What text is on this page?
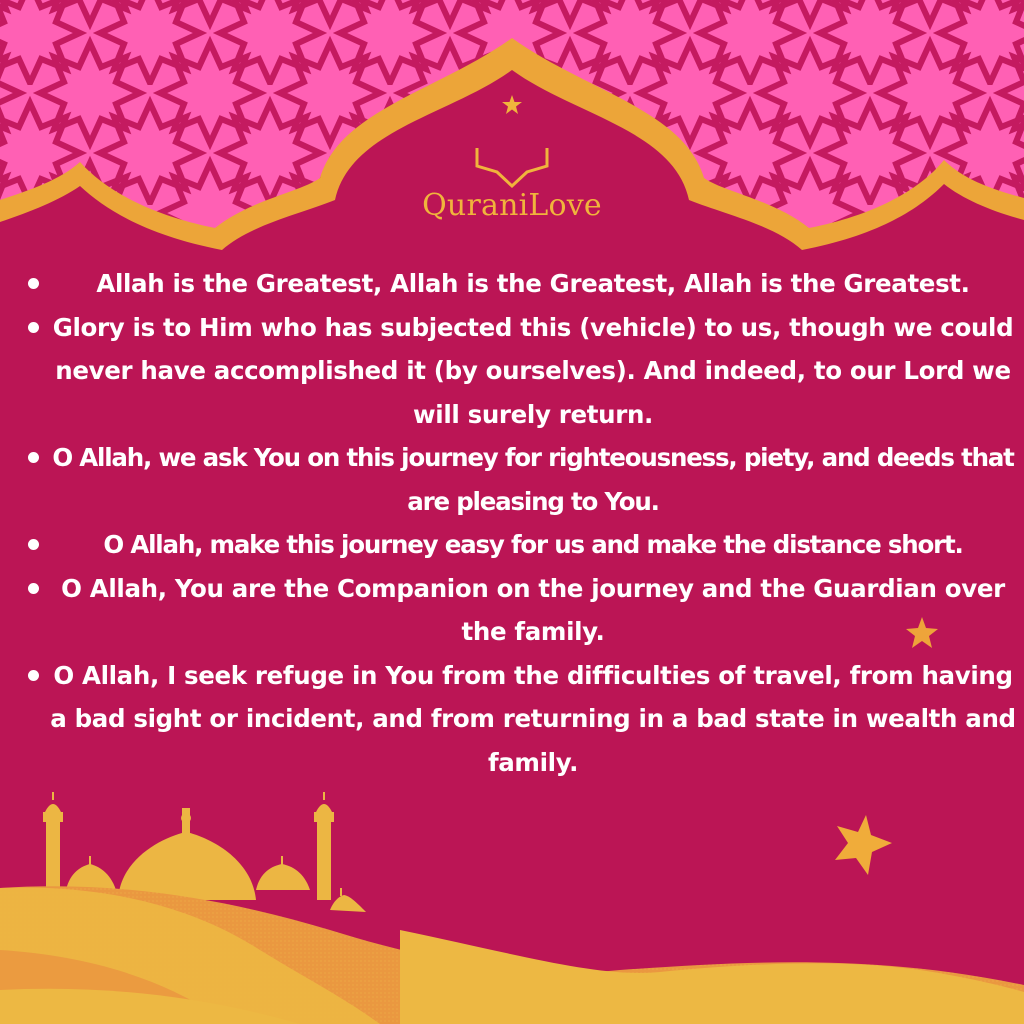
QuraniLove
Allah is the Greatest, Allah is the Greatest, Allah is the Greatest.
Glory is to Him who has subjected this (vehicle) to us, though we could never have accomplished it (by ourselves). And indeed, to our Lord we will surely return.
O Allah, we ask You on this journey for righteousness, piety, and deeds that are pleasing to You.
O Allah, make this journey easy for us and make the distance short.
O Allah, You are the Companion on the journey and the Guardian over the family.
O Allah, I seek refuge in You from the difficulties of travel, from having a bad sight or incident, and from returning in a bad state in wealth and family.
